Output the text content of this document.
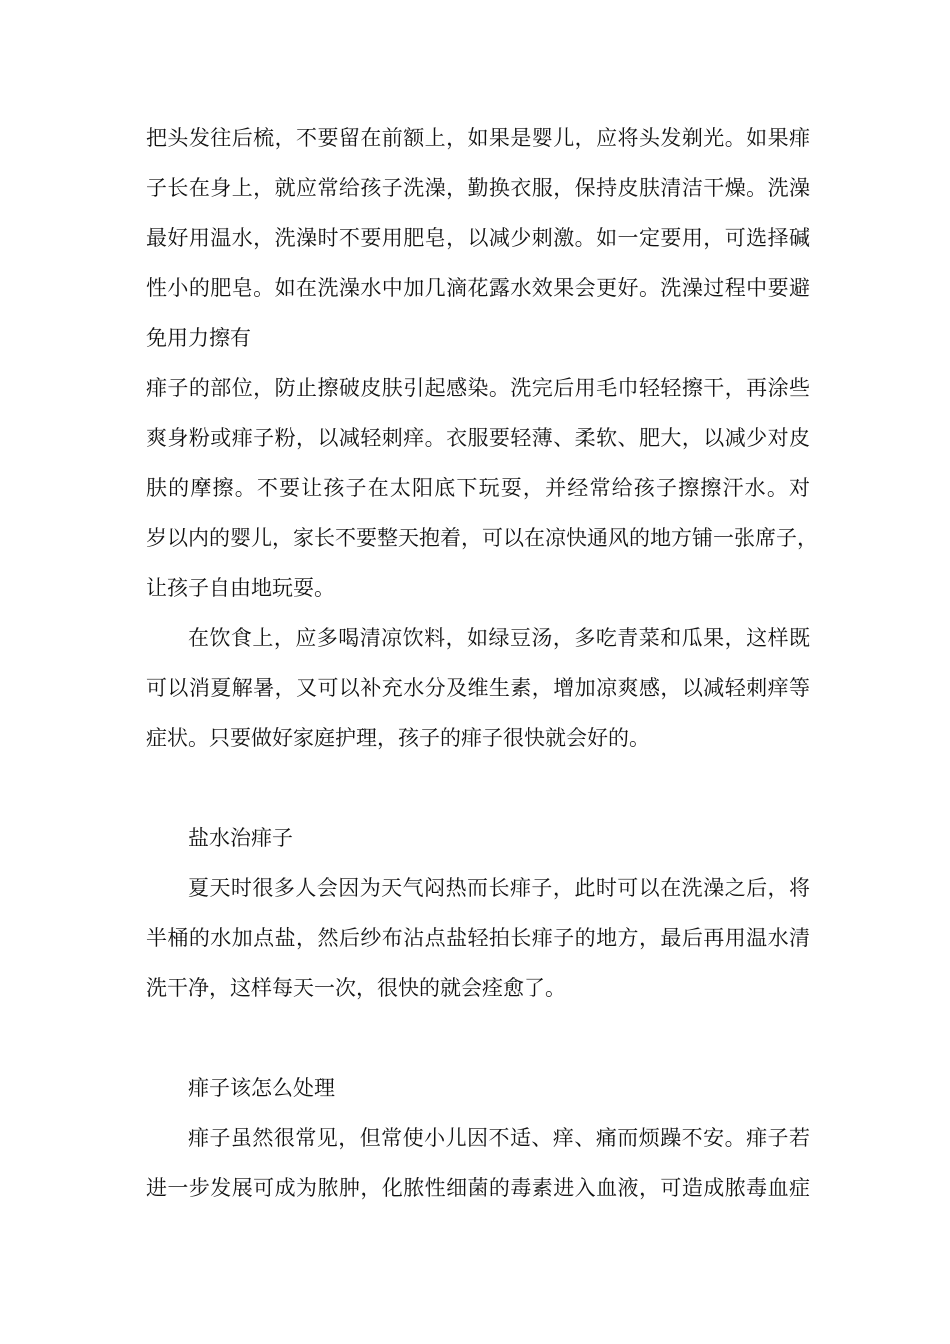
把头发往后梳，不要留在前额上，如果是婴儿，应将头发剃光。如果痱
子长在身上，就应常给孩子洗澡，勤换衣服，保持皮肤清洁干燥。洗澡
最好用温水，洗澡时不要用肥皂，以减少刺激。如一定要用，可选择碱
性小的肥皂。如在洗澡水中加几滴花露水效果会更好。洗澡过程中要避
免用力擦有
痱子的部位，防止擦破皮肤引起感染。洗完后用毛巾轻轻擦干，再涂些
爽身粉或痱子粉，以减轻刺痒。衣服要轻薄、柔软、肥大，以减少对皮
肤的摩擦。不要让孩子在太阳底下玩耍，并经常给孩子擦擦汗水。对
岁以内的婴儿，家长不要整天抱着，可以在凉快通风的地方铺一张席子，
让孩子自由地玩耍。
在饮食上，应多喝清凉饮料，如绿豆汤，多吃青菜和瓜果，这样既
可以消夏解暑，又可以补充水分及维生素，增加凉爽感，以减轻刺痒等
症状。只要做好家庭护理，孩子的痱子很快就会好的。
盐水治痱子
夏天时很多人会因为天气闷热而长痱子，此时可以在洗澡之后，将
半桶的水加点盐，然后纱布沾点盐轻拍长痱子的地方，最后再用温水清
洗干净，这样每天一次，很快的就会痊愈了。
痱子该怎么处理
痱子虽然很常见，但常使小儿因不适、痒、痛而烦躁不安。痱子若
进一步发展可成为脓肿，化脓性细菌的毒素进入血液，可造成脓毒血症
